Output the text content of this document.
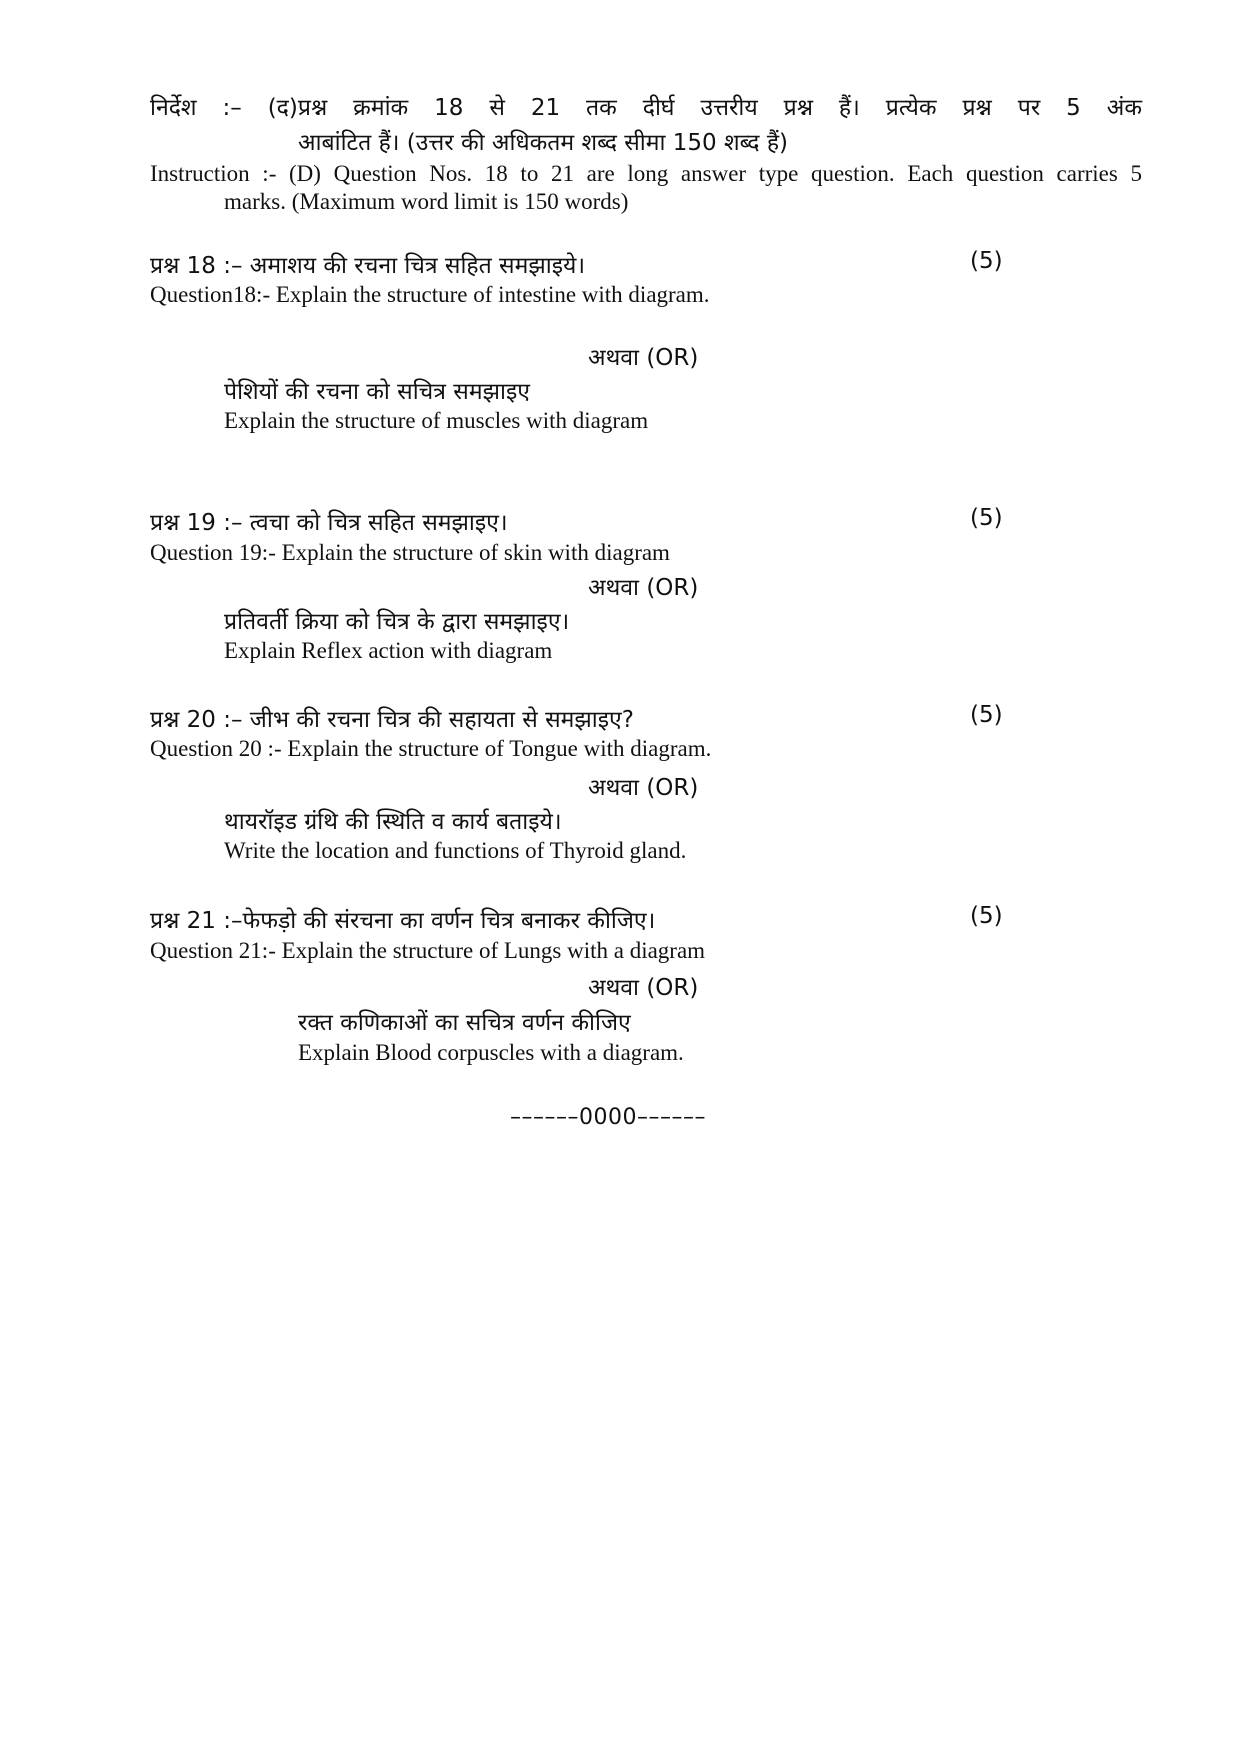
निर्देश :– (द)प्रश्न क्रमांक 18 से 21 तक दीर्घ उत्तरीय प्रश्न हैं। प्रत्येक प्रश्न पर 5 अंक
आबांटित हैं। (उत्तर की अधिकतम शब्द सीमा 150 शब्द हैं)
Instruction :- (D) Question Nos. 18 to 21 are long answer type question. Each question carries 5
marks. (Maximum word limit is 150 words)
प्रश्न 18 :– अमाशय की रचना चित्र सहित समझाइये।	(5)
Question18:- Explain the structure of intestine with diagram.
अथवा (OR)
पेशियों की रचना को सचित्र समझाइए
Explain the structure of muscles with diagram
प्रश्न 19 :– त्वचा को चित्र सहित समझाइए।	(5)
Question 19:- Explain the structure of skin with diagram
अथवा (OR)
प्रतिवर्ती क्रिया को चित्र के द्वारा समझाइए।
Explain Reflex action with diagram
प्रश्न 20 :– जीभ की रचना चित्र की सहायता से समझाइए?	(5)
Question 20 :- Explain the structure of Tongue with diagram.
अथवा (OR)
थायरॉइड ग्रंथि की स्थिति व कार्य बताइये।
Write the location and functions of Thyroid gland.
प्रश्न 21 :–फेफड़ो की संरचना का वर्णन चित्र बनाकर कीजिए।	(5)
Question 21:- Explain the structure of Lungs with a diagram
अथवा (OR)
रक्त कणिकाओं का सचित्र वर्णन कीजिए
Explain Blood corpuscles with a diagram.
––––––0000––––––
